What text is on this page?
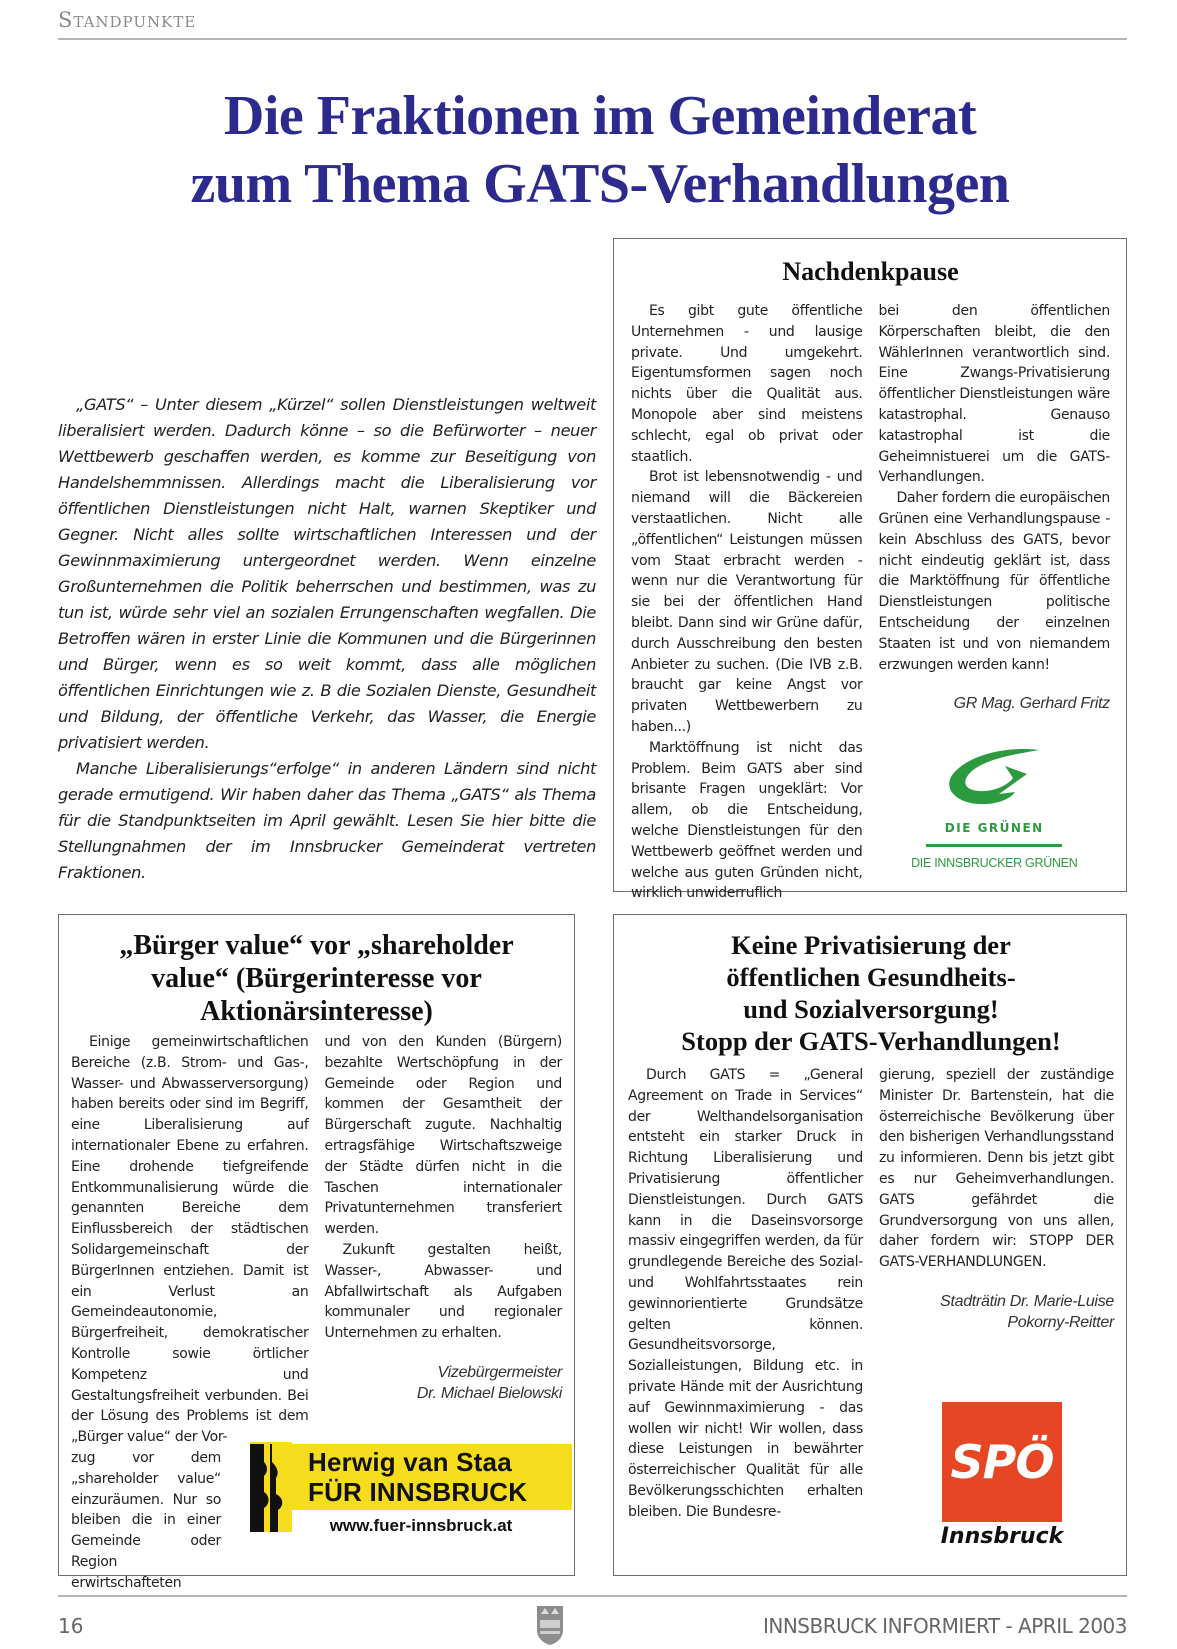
Standpunkte
Die Fraktionen im Gemeinderat
zum Thema GATS-Verhandlungen

„GATS“ – Unter diesem „Kürzel“ sollen Dienstleistungen weltweit liberalisiert werden. Dadurch könne – so die Befürworter – neuer Wettbewerb geschaffen werden, es komme zur Beseitigung von Handelshemmnissen. Allerdings macht die Liberalisierung vor öffentlichen Dienstleistungen nicht Halt, warnen Skeptiker und Gegner. Nicht alles sollte wirtschaftlichen Interessen und der Gewinnmaximierung untergeordnet werden. Wenn einzelne Großunternehmen die Politik beherrschen und bestimmen, was zu tun ist, würde sehr viel an sozialen Errungenschaften wegfallen. Die Betroffen wären in erster Linie die Kommunen und die Bürgerinnen und Bürger, wenn es so weit kommt, dass alle möglichen öffentlichen Einrichtungen wie z. B die Sozialen Dienste, Gesundheit und Bildung, der öffentliche Verkehr, das Wasser, die Energie privatisiert werden.

Manche Liberalisierungs“erfolge“ in anderen Ländern sind nicht gerade ermutigend. Wir haben daher das Thema „GATS“ als Thema für die Standpunktseiten im April gewählt. Lesen Sie hier bitte die Stellungnahmen der im Innsbrucker Gemeinderat vertreten Fraktionen.

Nachdenkpause

Es gibt gute öffentliche Unternehmen - und lausige private. Und umgekehrt. Eigentumsformen sagen noch nichts über die Qualität aus. Monopole aber sind meistens schlecht, egal ob privat oder staatlich.

Brot ist lebensnotwendig - und niemand will die Bäckereien verstaatlichen. Nicht alle „öffentlichen“ Leistungen müssen vom Staat erbracht werden - wenn nur die Verantwortung für sie bei der öffentlichen Hand bleibt. Dann sind wir Grüne dafür, durch Ausschreibung den besten Anbieter zu suchen. (Die IVB z.B. braucht gar keine Angst vor privaten Wettbewerbern zu haben...)

Marktöffnung ist nicht das Problem. Beim GATS aber sind brisante Fragen ungeklärt: Vor allem, ob die Entscheidung, welche Dienstleistungen für den Wettbewerb geöffnet werden und welche aus guten Gründen nicht, wirklich unwiderruflich

bei den öffentlichen Körperschaften bleibt, die den WählerInnen verantwortlich sind. Eine Zwangs-Privatisierung öffentlicher Dienstleistungen wäre katastrophal. Genauso katastrophal ist die Geheimnistuerei um die GATS-Verhandlungen.

Daher fordern die europäischen Grünen eine Verhandlungspause - kein Abschluss des GATS, bevor nicht eindeutig geklärt ist, dass die Marktöffnung für öffentliche Dienstleistungen politische Entscheidung der einzelnen Staaten ist und von niemandem erzwungen werden kann!

GR Mag. Gerhard Fritz
DIE GRÜNEN
DIE INNSBRUCKER GRÜNEN
„Bürger value“ vor „shareholder
value“ (Bürgerinteresse vor
Aktionärsinteresse)

Einige gemeinwirtschaftlichen Bereiche (z.B. Strom- und Gas-, Wasser- und Abwasserversorgung) haben bereits oder sind im Begriff, eine Liberalisierung auf internationaler Ebene zu erfahren. Eine drohende tiefgreifende Entkommunalisierung würde die genannten Bereiche dem Einflussbereich der städtischen Solidargemeinschaft der BürgerInnen entziehen. Damit ist ein Verlust an Gemeindeautonomie, Bürgerfreiheit, demokratischer Kontrolle sowie örtlicher Kompetenz und Gestaltungsfreiheit verbunden. Bei der Lösung des Problems ist dem „Bürger value“ der Vor-

zug vor dem „shareholder value“ einzuräumen. Nur so bleiben die in einer Gemeinde oder Region erwirtschafteten

und von den Kunden (Bürgern) bezahlte Wertschöpfung in der Gemeinde oder Region und kommen der Gesamtheit der Bürgerschaft zugute. Nachhaltig ertragsfähige Wirtschaftszweige der Städte dürfen nicht in die Taschen internationaler Privatunternehmen transferiert werden.

Zukunft gestalten heißt, Wasser-, Abwasser- und Abfallwirtschaft als Aufgaben kommunaler und regionaler Unternehmen zu erhalten.

Vizebürgermeister
Dr. Michael Bielowski
Herwig van Staa
FÜR INNSBRUCK
www.fuer-innsbruck.at
Keine Privatisierung der
öffentlichen Gesundheits-
und Sozialversorgung!
Stopp der GATS-Verhandlungen!

Durch GATS = „General Agreement on Trade in Services“ der Welthandelsorganisation entsteht ein starker Druck in Richtung Liberalisierung und Privatisierung öffentlicher Dienstleistungen. Durch GATS kann in die Daseinsvorsorge massiv eingegriffen werden, da für grundlegende Bereiche des Sozial- und Wohlfahrtsstaates rein gewinnorientierte Grundsätze gelten können. Gesundheitsvorsorge, Sozialleistungen, Bildung etc. in private Hände mit der Ausrichtung auf Gewinnmaximierung - das wollen wir nicht! Wir wollen, dass diese Leistungen in bewährter österreichischer Qualität für alle Bevölkerungsschichten erhalten bleiben. Die Bundesre-

gierung, speziell der zuständige Minister Dr. Bartenstein, hat die österreichische Bevölkerung über den bisherigen Verhandlungsstand zu informieren. Denn bis jetzt gibt es nur Geheimverhandlungen. GATS gefährdet die Grundversorgung von uns allen, daher fordern wir: STOPP DER GATS-VERHANDLUNGEN.

Stadträtin Dr. Marie-Luise
Pokorny-Reitter
SPÖ
Innsbruck
16	INNSBRUCK INFORMIERT - APRIL 2003
